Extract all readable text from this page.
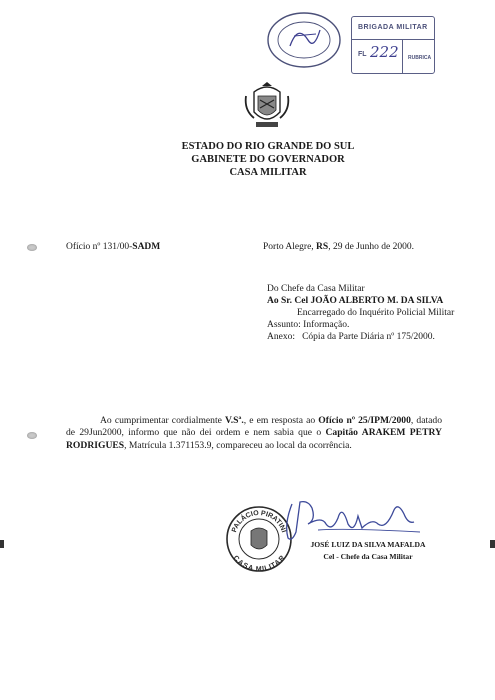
BRIGADA MILITAR
FL 222 RUBRICA
ESTADO DO RIO GRANDE DO SUL
GABINETE DO GOVERNADOR
CASA MILITAR
Ofício nº 131/00-SADM	Porto Alegre, RS, 29 de Junho de 2000.
Do Chefe da Casa Militar
Ao Sr. Cel JOÃO ALBERTO M. DA SILVA
Encarregado do Inquérito Policial Militar
Assunto: Informação.
Anexo: Cópia da Parte Diária nº 175/2000.
Ao cumprimentar cordialmente V.Sª., e em resposta ao Ofício nº 25/IPM/2000, datado de 29Jun2000, informo que não dei ordem e nem sabia que o Capitão ARAKEM PETRY RODRIGUES, Matrícula 1.371153.9, compareceu ao local da ocorrência.
PALÁCIO PIRATINI
CASA MILITAR
JOSÉ LUIZ DA SILVA MAFALDA
Cel - Chefe da Casa Militar
